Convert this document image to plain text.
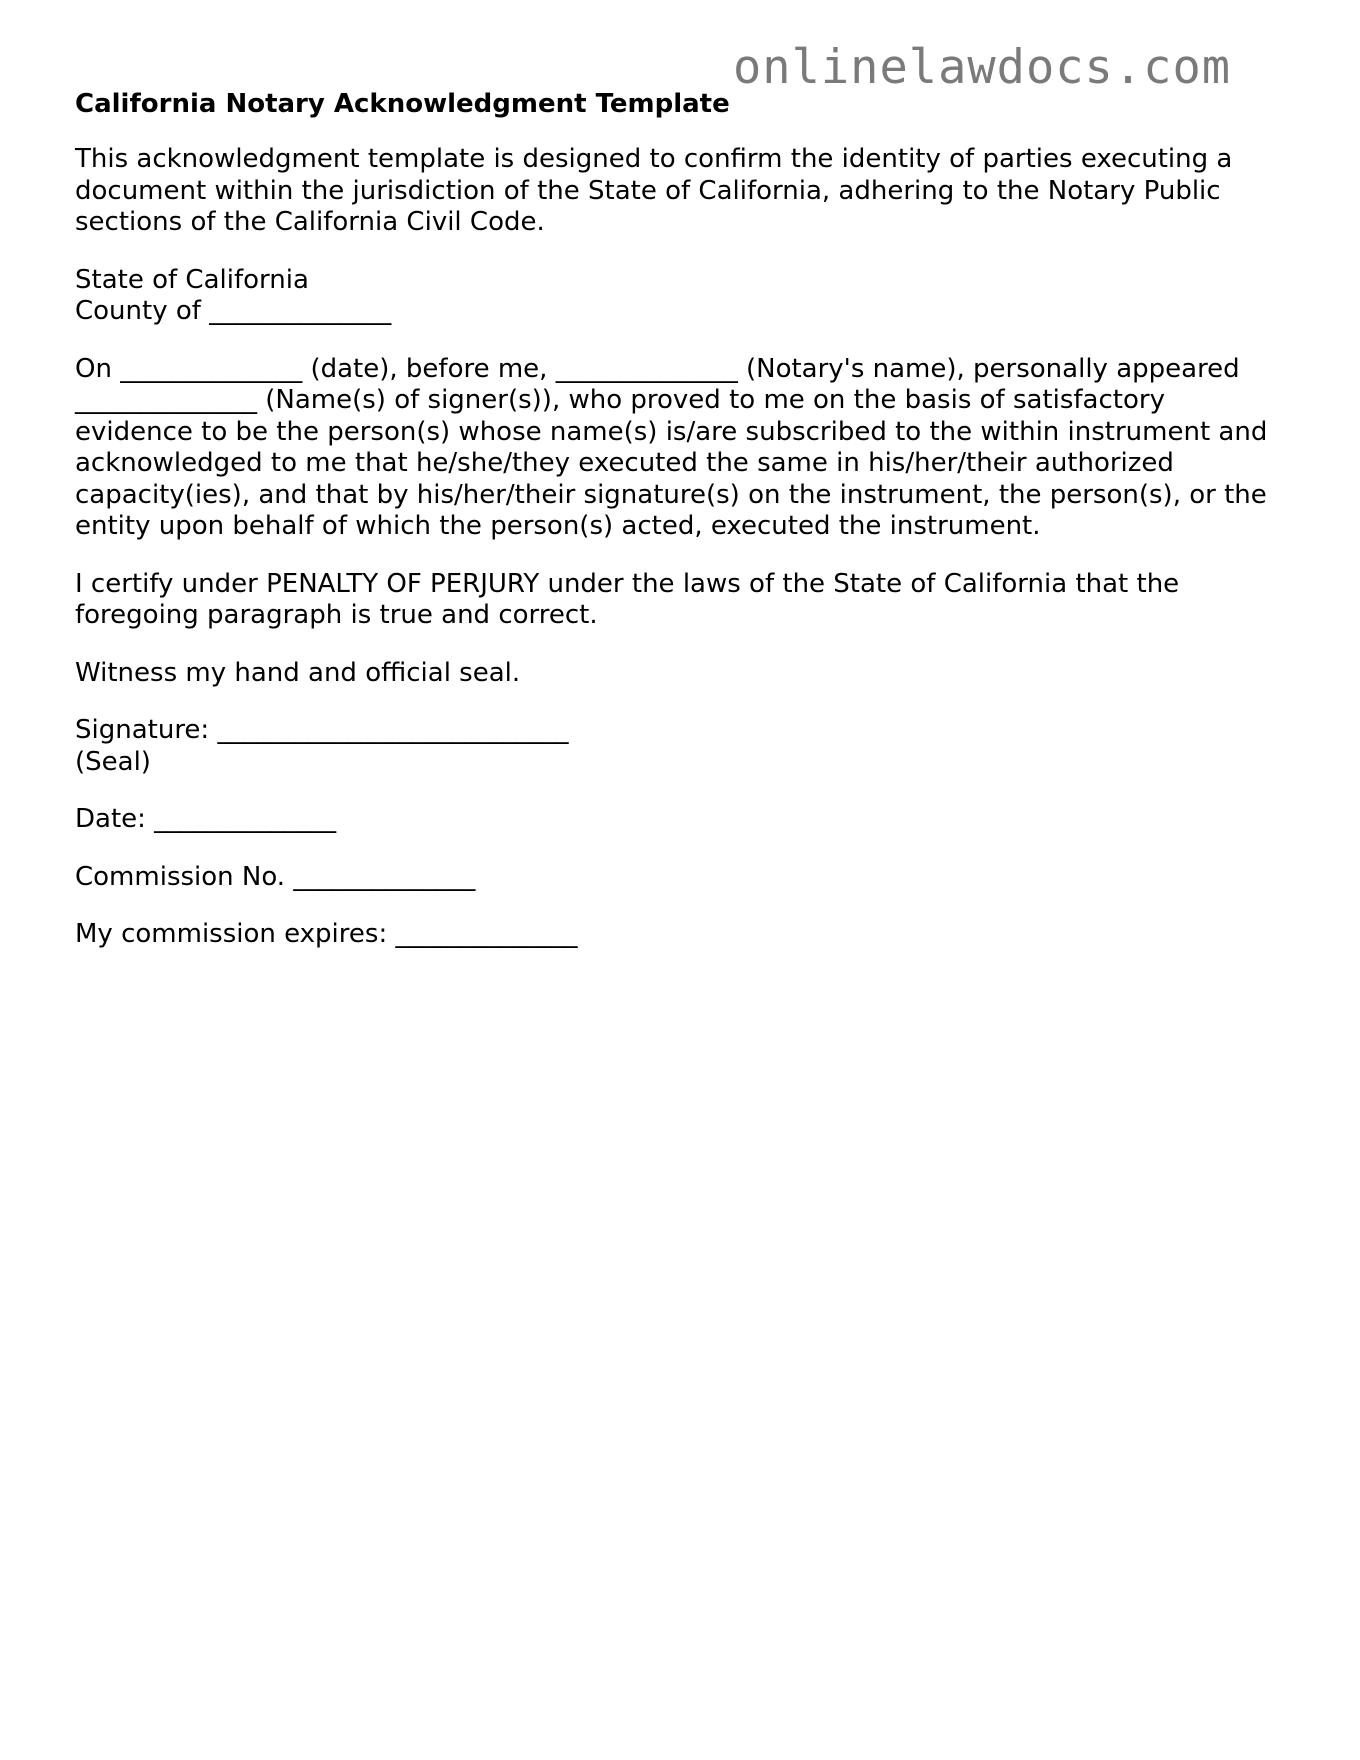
onlinelawdocs.com
California Notary Acknowledgment Template

This acknowledgment template is designed to confirm the identity of parties executing a document within the jurisdiction of the State of California, adhering to the Notary Public sections of the California Civil Code.

State of California

County of ______________

On ______________ (date), before me, ______________ (Notary's name), personally appeared ______________ (Name(s) of signer(s)), who proved to me on the basis of satisfactory evidence to be the person(s) whose name(s) is/are subscribed to the within instrument and acknowledged to me that he/she/they executed the same in his/her/their authorized capacity(ies), and that by his/her/their signature(s) on the instrument, the person(s), or the entity upon behalf of which the person(s) acted, executed the instrument.

I certify under PENALTY OF PERJURY under the laws of the State of California that the foregoing paragraph is true and correct.

Witness my hand and official seal.

Signature: ___________________________

(Seal)

Date: ______________

Commission No. ______________

My commission expires: ______________
